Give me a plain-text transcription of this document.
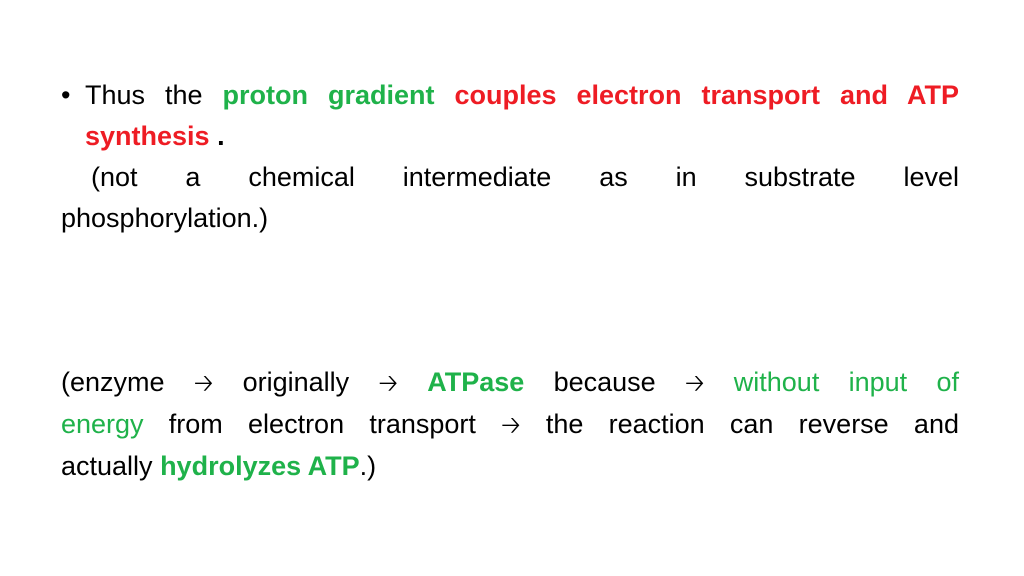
• Thus the proton gradient couples electron transport and ATP
synthesis .
(not a chemical intermediate as in substrate level
phosphorylation.)
(enzyme 🡢 originally 🡢 ATPase because 🡢 without input of
energy from electron transport 🡢 the reaction can reverse and
actually hydrolyzes ATP.)
